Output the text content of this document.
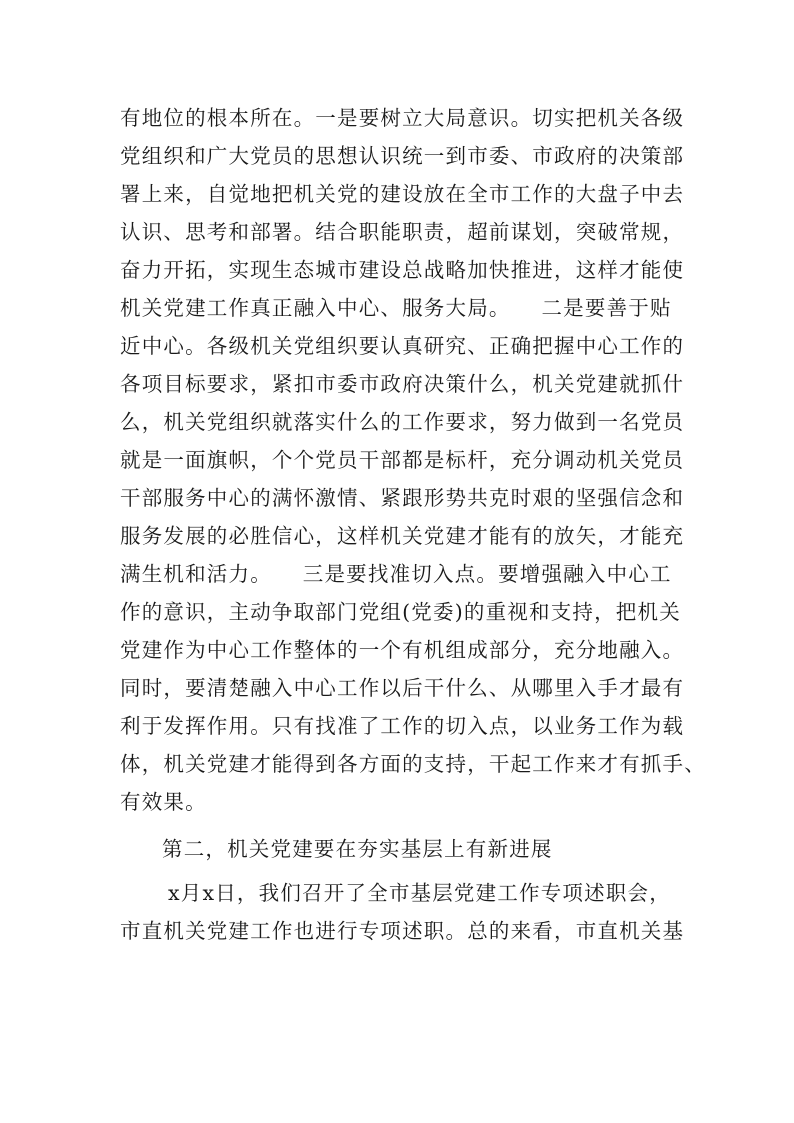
有地位的根本所在。一是要树立大局意识。切实把机关各级
党组织和广大党员的思想认识统一到市委、市政府的决策部
署上来，自觉地把机关党的建设放在全市工作的大盘子中去
认识、思考和部署。结合职能职责，超前谋划，突破常规，
奋力开拓，实现生态城市建设总战略加快推进，这样才能使
机关党建工作真正融入中心、服务大局。    二是要善于贴
近中心。各级机关党组织要认真研究、正确把握中心工作的
各项目标要求，紧扣市委市政府决策什么，机关党建就抓什
么，机关党组织就落实什么的工作要求，努力做到一名党员
就是一面旗帜，个个党员干部都是标杆，充分调动机关党员
干部服务中心的满怀激情、紧跟形势共克时艰的坚强信念和
服务发展的必胜信心，这样机关党建才能有的放矢，才能充
满生机和活力。    三是要找准切入点。要增强融入中心工
作的意识，主动争取部门党组(党委)的重视和支持，把机关
党建作为中心工作整体的一个有机组成部分，充分地融入。
同时，要清楚融入中心工作以后干什么、从哪里入手才最有
利于发挥作用。只有找准了工作的切入点，以业务工作为载
体，机关党建才能得到各方面的支持，干起工作来才有抓手、
有效果。
第二，机关党建要在夯实基层上有新进展
x月x日，我们召开了全市基层党建工作专项述职会，
市直机关党建工作也进行专项述职。总的来看，市直机关基
